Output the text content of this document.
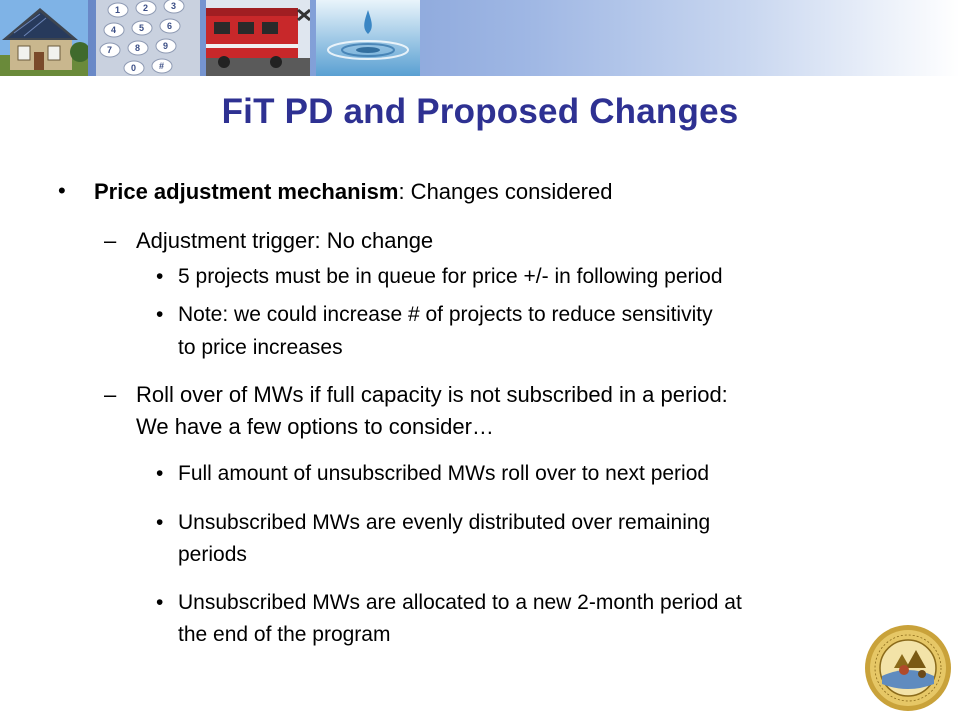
1	2	3
4	5	6
7	8	9
0	#
FiT PD and Proposed Changes
• Price adjustment mechanism: Changes considered
– Adjustment trigger: No change
• 5 projects must be in queue for price +/- in following period
• Note: we could increase # of projects to reduce sensitivity
to price increases
– Roll over of MWs if full capacity is not subscribed in a period:
We have a few options to consider…
• Full amount of unsubscribed MWs roll over to next period
• Unsubscribed MWs are evenly distributed over remaining
periods
• Unsubscribed MWs are allocated to a new 2-month period at
the end of the program
